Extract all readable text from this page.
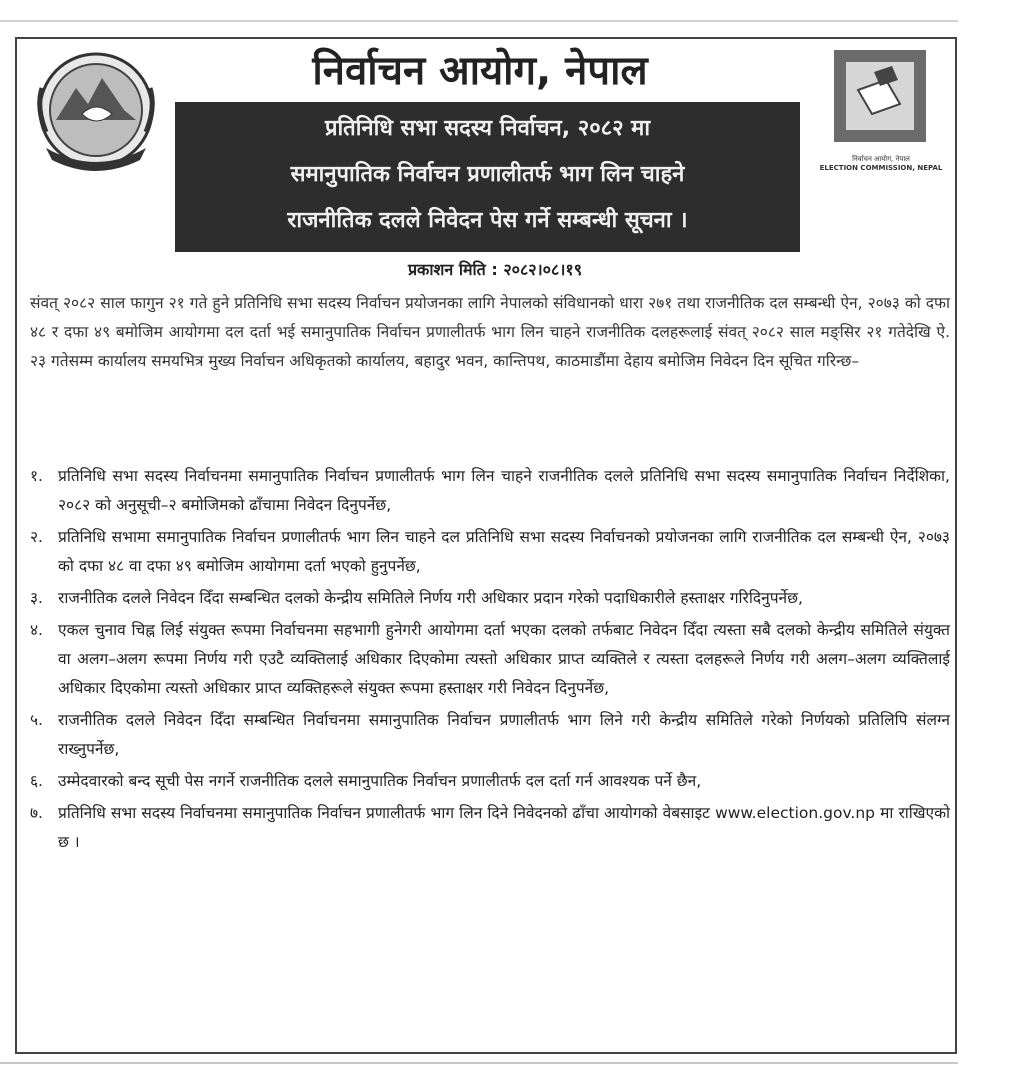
निर्वाचन आयोग, नेपाल
निर्वाचन आयोग, नेपाल
ELECTION COMMISSION, NEPAL
प्रतिनिधि सभा सदस्य निर्वाचन, २०८२ मा
समानुपातिक निर्वाचन प्रणालीतर्फ भाग लिन चाहने
राजनीतिक दलले निवेदन पेस गर्ने सम्बन्धी सूचना ।
प्रकाशन मिति : २०८२।०८।१९
संवत् २०८२ साल फागुन २१ गते हुने प्रतिनिधि सभा सदस्य निर्वाचन प्रयोजनका लागि नेपालको संविधानको धारा २७१ तथा राजनीतिक दल सम्बन्धी ऐन, २०७३ को दफा ४८ र दफा ४९ बमोजिम आयोगमा दल दर्ता भई समानुपातिक निर्वाचन प्रणालीतर्फ भाग लिन चाहने राजनीतिक दलहरूलाई संवत् २०८२ साल मङ्सिर २१ गतेदेखि ऐ. २३ गतेसम्म कार्यालय समयभित्र मुख्य निर्वाचन अधिकृतको कार्यालय, बहादुर भवन, कान्तिपथ, काठमाडौंमा देहाय बमोजिम निवेदन दिन सूचित गरिन्छ–
१. प्रतिनिधि सभा सदस्य निर्वाचनमा समानुपातिक निर्वाचन प्रणालीतर्फ भाग लिन चाहने राजनीतिक दलले प्रतिनिधि सभा सदस्य समानुपातिक निर्वाचन निर्देशिका, २०८२ को अनुसूची–२ बमोजिमको ढाँचामा निवेदन दिनुपर्नेछ,
२. प्रतिनिधि सभामा समानुपातिक निर्वाचन प्रणालीतर्फ भाग लिन चाहने दल प्रतिनिधि सभा सदस्य निर्वाचनको प्रयोजनका लागि राजनीतिक दल सम्बन्धी ऐन, २०७३ को दफा ४८ वा दफा ४९ बमोजिम आयोगमा दर्ता भएको हुनुपर्नेछ,
३. राजनीतिक दलले निवेदन दिँदा सम्बन्धित दलको केन्द्रीय समितिले निर्णय गरी अधिकार प्रदान गरेको पदाधिकारीले हस्ताक्षर गरिदिनुपर्नेछ,
४. एकल चुनाव चिह्न लिई संयुक्त रूपमा निर्वाचनमा सहभागी हुनेगरी आयोगमा दर्ता भएका दलको तर्फबाट निवेदन दिँदा त्यस्ता सबै दलको केन्द्रीय समितिले संयुक्त वा अलग–अलग रूपमा निर्णय गरी एउटै व्यक्तिलाई अधिकार दिएकोमा त्यस्तो अधिकार प्राप्त व्यक्तिले र त्यस्ता दलहरूले निर्णय गरी अलग–अलग व्यक्तिलाई अधिकार दिएकोमा त्यस्तो अधिकार प्राप्त व्यक्तिहरूले संयुक्त रूपमा हस्ताक्षर गरी निवेदन दिनुपर्नेछ,
५. राजनीतिक दलले निवेदन दिँदा सम्बन्धित निर्वाचनमा समानुपातिक निर्वाचन प्रणालीतर्फ भाग लिने गरी केन्द्रीय समितिले गरेको निर्णयको प्रतिलिपि संलग्न राख्नुपर्नेछ,
६. उम्मेदवारको बन्द सूची पेस नगर्ने राजनीतिक दलले समानुपातिक निर्वाचन प्रणालीतर्फ दल दर्ता गर्न आवश्यक पर्ने छैन,
७. प्रतिनिधि सभा सदस्य निर्वाचनमा समानुपातिक निर्वाचन प्रणालीतर्फ भाग लिन दिने निवेदनको ढाँचा आयोगको वेबसाइट www.election.gov.np मा राखिएको छ ।
